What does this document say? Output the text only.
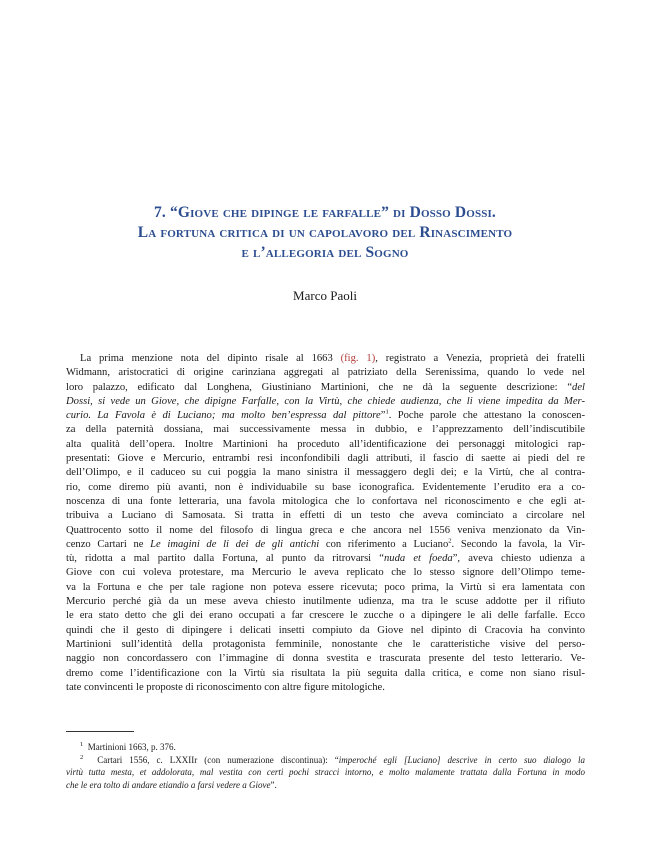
7. “Giove che dipinge le farfalle” di Dosso Dossi.
La fortuna critica di un capolavoro del Rinascimento
e l’allegoria del Sogno
Marco Paoli
La prima menzione nota del dipinto risale al 1663 (fig. 1), registrato a Venezia, proprietà dei fratelli
Widmann, aristocratici di origine carinziana aggregati al patriziato della Serenissima, quando lo vede nel
loro palazzo, edificato dal Longhena, Giustiniano Martinioni, che ne dà la seguente descrizione: “del
Dossi, si vede un Giove, che dipigne Farfalle, con la Virtù, che chiede audienza, che li viene impedita da Mer-
curio. La Favola è di Luciano; ma molto ben’espressa dal pittore”$^1$. Poche parole che attestano la conoscen-
za della paternità dossiana, mai successivamente messa in dubbio, e l’apprezzamento dell’indiscutibile
alta qualità dell’opera. Inoltre Martinioni ha proceduto all’identificazione dei personaggi mitologici rap-
presentati: Giove e Mercurio, entrambi resi inconfondibili dagli attributi, il fascio di saette ai piedi del re
dell’Olimpo, e il caduceo su cui poggia la mano sinistra il messaggero degli dei; e la Virtù, che al contra-
rio, come diremo più avanti, non è individuabile su base iconografica. Evidentemente l’erudito era a co-
noscenza di una fonte letteraria, una favola mitologica che lo confortava nel riconoscimento e che egli at-
tribuiva a Luciano di Samosata. Si tratta in effetti di un testo che aveva cominciato a circolare nel
Quattrocento sotto il nome del filosofo di lingua greca e che ancora nel 1556 veniva menzionato da Vin-
cenzo Cartari ne Le imagini de li dei de gli antichi con riferimento a Luciano$^2$. Secondo la favola, la Vir-
tù, ridotta a mal partito dalla Fortuna, al punto da ritrovarsi “nuda et foeda”, aveva chiesto udienza a
Giove con cui voleva protestare, ma Mercurio le aveva replicato che lo stesso signore dell’Olimpo teme-
va la Fortuna e che per tale ragione non poteva essere ricevuta; poco prima, la Virtù si era lamentata con
Mercurio perché già da un mese aveva chiesto inutilmente udienza, ma tra le scuse addotte per il rifiuto
le era stato detto che gli dei erano occupati a far crescere le zucche o a dipingere le ali delle farfalle. Ecco
quindi che il gesto di dipingere i delicati insetti compiuto da Giove nel dipinto di Cracovia ha convinto
Martinioni sull’identità della protagonista femminile, nonostante che le caratteristiche visive del perso-
naggio non concordassero con l’immagine di donna svestita e trascurata presente del testo letterario. Ve-
dremo come l’identificazione con la Virtù sia risultata la più seguita dalla critica, e come non siano risul-
tate convincenti le proposte di riconoscimento con altre figure mitologiche.
$^1$ Martinioni 1663, p. 376.
$^2$ Cartari 1556, c. LXXIIr (con numerazione discontinua): “imperoché egli [Luciano] descrive in certo suo dialogo la
virtù tutta mesta, et addolorata, mal vestita con certi pochi stracci intorno, e molto malamente trattata dalla Fortuna in modo
che le era tolto di andare etiandio a farsi vedere a Giove”.
